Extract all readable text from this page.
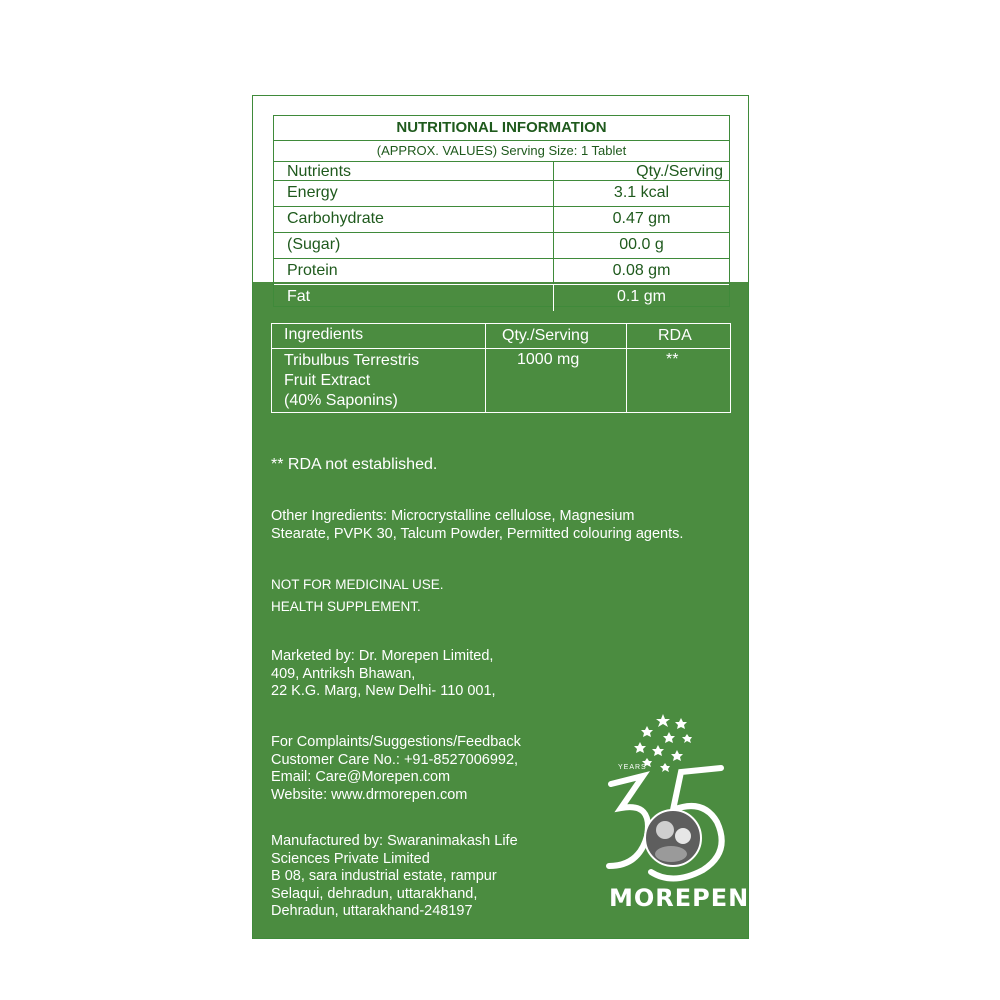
NUTRITIONAL INFORMATION
(APPROX. VALUES) Serving Size: 1 Tablet
Nutrients	Qty./Serving
Energy	3.1 kcal
Carbohydrate	0.47 gm
(Sugar)	00.0 g
Protein	0.08 gm
Fat	0.1 gm
Ingredients	Qty./Serving	RDA
Tribulbus Terrestris
Fruit Extract
(40% Saponins)
1000 mg	**
** RDA not established.
Other Ingredients: Microcrystalline cellulose, Magnesium
Stearate, PVPK 30, Talcum Powder, Permitted colouring agents.
NOT FOR MEDICINAL USE.
HEALTH SUPPLEMENT.
Marketed by: Dr. Morepen Limited,
409, Antriksh Bhawan,
22 K.G. Marg, New Delhi- 110 001,
For Complaints/Suggestions/Feedback
Customer Care No.: +91-8527006992,
Email: Care@Morepen.com
Website: www.drmorepen.com
Manufactured by: Swaranimakash Life
Sciences Private Limited
B 08, sara industrial estate, rampur
Selaqui, dehradun, uttarakhand,
Dehradun, uttarakhand-248197
YEARS
MOREPEN
